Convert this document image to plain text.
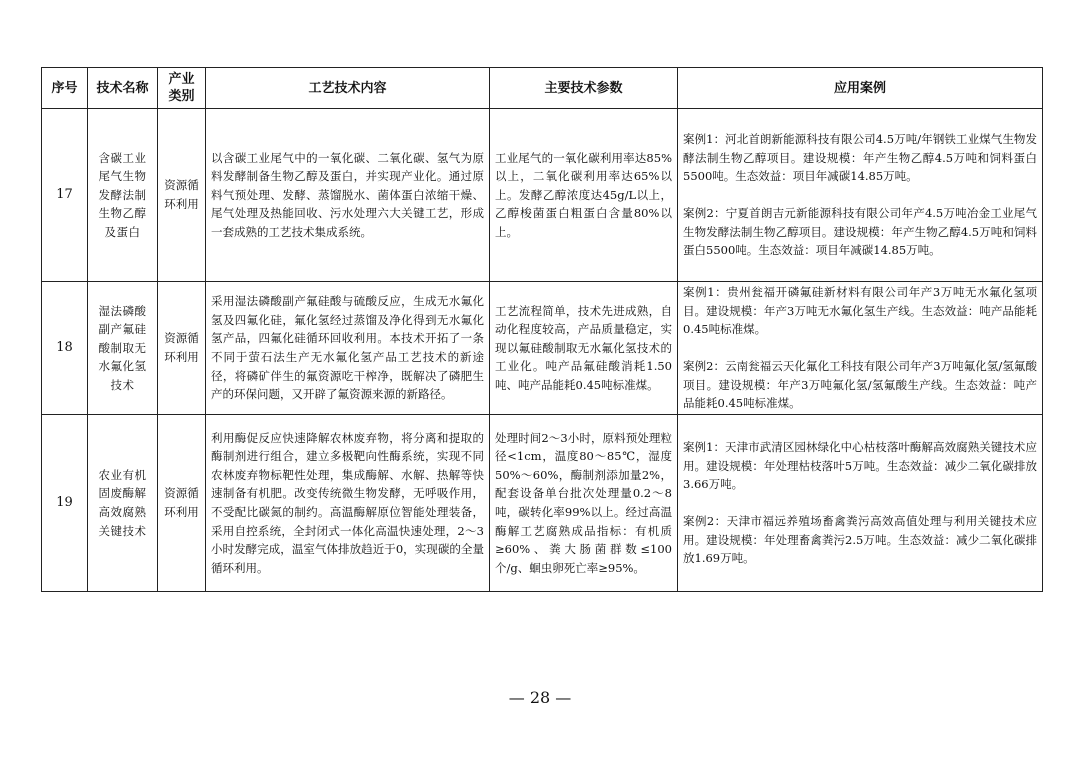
序号	技术名称	产业类别	工艺技术内容	主要技术参数	应用案例
17	含碳工业尾气生物发酵法制生物乙醇及蛋白	资源循环利用	以含碳工业尾气中的一氧化碳、二氧化碳、氢气为原料发酵制备生物乙醇及蛋白，并实现产业化。通过原料气预处理、发酵、蒸馏脱水、菌体蛋白浓缩干燥、尾气处理及热能回收、污水处理六大关键工艺，形成一套成熟的工艺技术集成系统。	工业尾气的一氧化碳利用率达85%以上，二氧化碳利用率达65%以上。发酵乙醇浓度达45g/L以上，乙醇梭菌蛋白粗蛋白含量80%以上。	案例1：河北首朗新能源科技有限公司4.5万吨/年钢铁工业煤气生物发酵法制生物乙醇项目。建设规模：年产生物乙醇4.5万吨和饲料蛋白5500吨。生态效益：项目年减碳14.85万吨。
案例2：宁夏首朗吉元新能源科技有限公司年产4.5万吨冶金工业尾气生物发酵法制生物乙醇项目。建设规模：年产生物乙醇4.5万吨和饲料蛋白5500吨。生态效益：项目年减碳14.85万吨。

18	湿法磷酸副产氟硅酸制取无水氟化氢技术	资源循环利用	采用湿法磷酸副产氟硅酸与硫酸反应，生成无水氟化氢及四氟化硅，氟化氢经过蒸馏及净化得到无水氟化氢产品，四氟化硅循环回收利用。本技术开拓了一条不同于萤石法生产无水氟化氢产品工艺技术的新途径，将磷矿伴生的氟资源吃干榨净，既解决了磷肥生产的环保问题，又开辟了氟资源来源的新路径。	工艺流程简单，技术先进成熟，自动化程度较高，产品质量稳定，实现以氟硅酸制取无水氟化氢技术的工业化。吨产品氟硅酸消耗1.50吨、吨产品能耗0.45吨标准煤。	案例1：贵州瓮福开磷氟硅新材料有限公司年产3万吨无水氟化氢项目。建设规模：年产3万吨无水氟化氢生产线。生态效益：吨产品能耗0.45吨标准煤。
案例2：云南瓮福云天化氟化工科技有限公司年产3万吨氟化氢/氢氟酸项目。建设规模：年产3万吨氟化氢/氢氟酸生产线。生态效益：吨产品能耗0.45吨标准煤。

19	农业有机固废酶解高效腐熟关键技术	资源循环利用	利用酶促反应快速降解农林废弃物，将分离和提取的酶制剂进行组合，建立多极靶向性酶系统，实现不同农林废弃物标靶性处理，集成酶解、水解、热解等快速制备有机肥。改变传统微生物发酵，无呼吸作用，不受配比碳氮的制约。高温酶解原位智能处理装备，采用自控系统，全封闭式一体化高温快速处理，2～3小时发酵完成，温室气体排放趋近于0，实现碳的全量循环利用。	处理时间2～3小时，原料预处理粒径<1cm，温度80～85℃，湿度50%～60%，酶制剂添加量2%，配套设备单台批次处理量0.2～8吨，碳转化率99%以上。经过高温酶解工艺腐熟成品指标：有机质≥60%、粪大肠菌群数≤100个/g、蛔虫卵死亡率≥95%。	案例1：天津市武清区园林绿化中心枯枝落叶酶解高效腐熟关键技术应用。建设规模：年处理枯枝落叶5万吨。生态效益：减少二氧化碳排放3.66万吨。
案例2：天津市福远养殖场畜禽粪污高效高值处理与利用关键技术应用。建设规模：年处理畜禽粪污2.5万吨。生态效益：减少二氧化碳排放1.69万吨。
— 28 —
